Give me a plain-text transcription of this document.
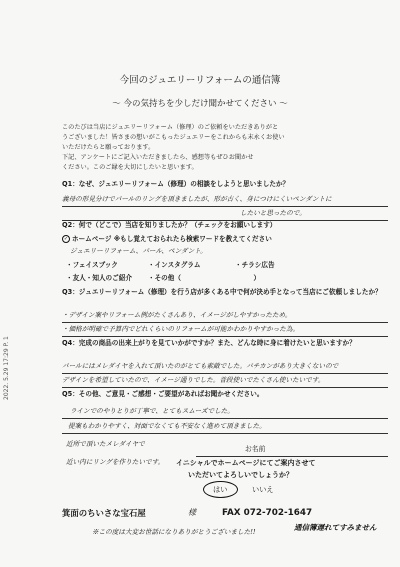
2022. 5.29 17:29 P. 1
今回のジュエリーリフォームの通信簿
〜 今の気持ちを少しだけ聞かせてください 〜
このたびは当店にジュエリーリフォーム（修理）のご依頼をいただきありがと
うございました！皆さまの想いがこもったジュエリーをこれからも末永くお使い
いただけたらと願っております。
下記、アンケートにご記入いただきましたら、感想等もぜひお聞かせ
ください。このご縁を大切にしたいと思います。
Q1：なぜ、ジュエリーリフォーム（修理）の相談をしようと思いましたか？
義母の形見分けでパールのリングを頂きましたが、形が古く、身につけにくいペンダントに
したいと思ったので。
Q2：何で（どこで）当店を知りましたか？（チェックをお願いします）
✓ ホームページ ※もし覚えておられたら検索ワードを教えてください
ジュエリーリフォーム、パール、ペンダント。
・フェイスブック	・インスタグラム	・チラシ広告
・友人・知人のご紹介 ・その他（　　　　　　　　　　　）
Q3：ジュエリーリフォーム（修理）を行う店が多くある中で何が決め手となって当店にご依頼しましたか？
・デザイン案やリフォーム例がたくさんあり、イメージがしやすかったため。
・価格が明確で予算内でどれくらいのリフォームが可能かわかりやすかった為。
Q4：完成の商品の出来上がりを見ていかがですか？また、どんな時に身に着けたいと思いますか？
パールにはメレダイヤを入れて頂いたのがとても素敵でした。バチカンがあり大きくないので
デザインを希望していたので、イメージ通りでした。普段使いでたくさん使いたいです。
Q5：その他、ご意見・ご感想・ご要望があればお聞かせください。
ラインでのやりとりが丁寧で、とてもスムーズでした。
提案もわかりやすく、対面でなくても不安なく進めて頂きました。
近所で頂いたメレダイヤで
お名前
近い内にリングを作りたいです。 イニシャルでホームページにてご案内させて
いただいてよろしいでしょうか？
はい	いいえ
箕面のちいさな宝石屋	様	FAX 072-702-1647
※この度は大変お世話になりありがとうございました!!	通信簿遅れてすみません
